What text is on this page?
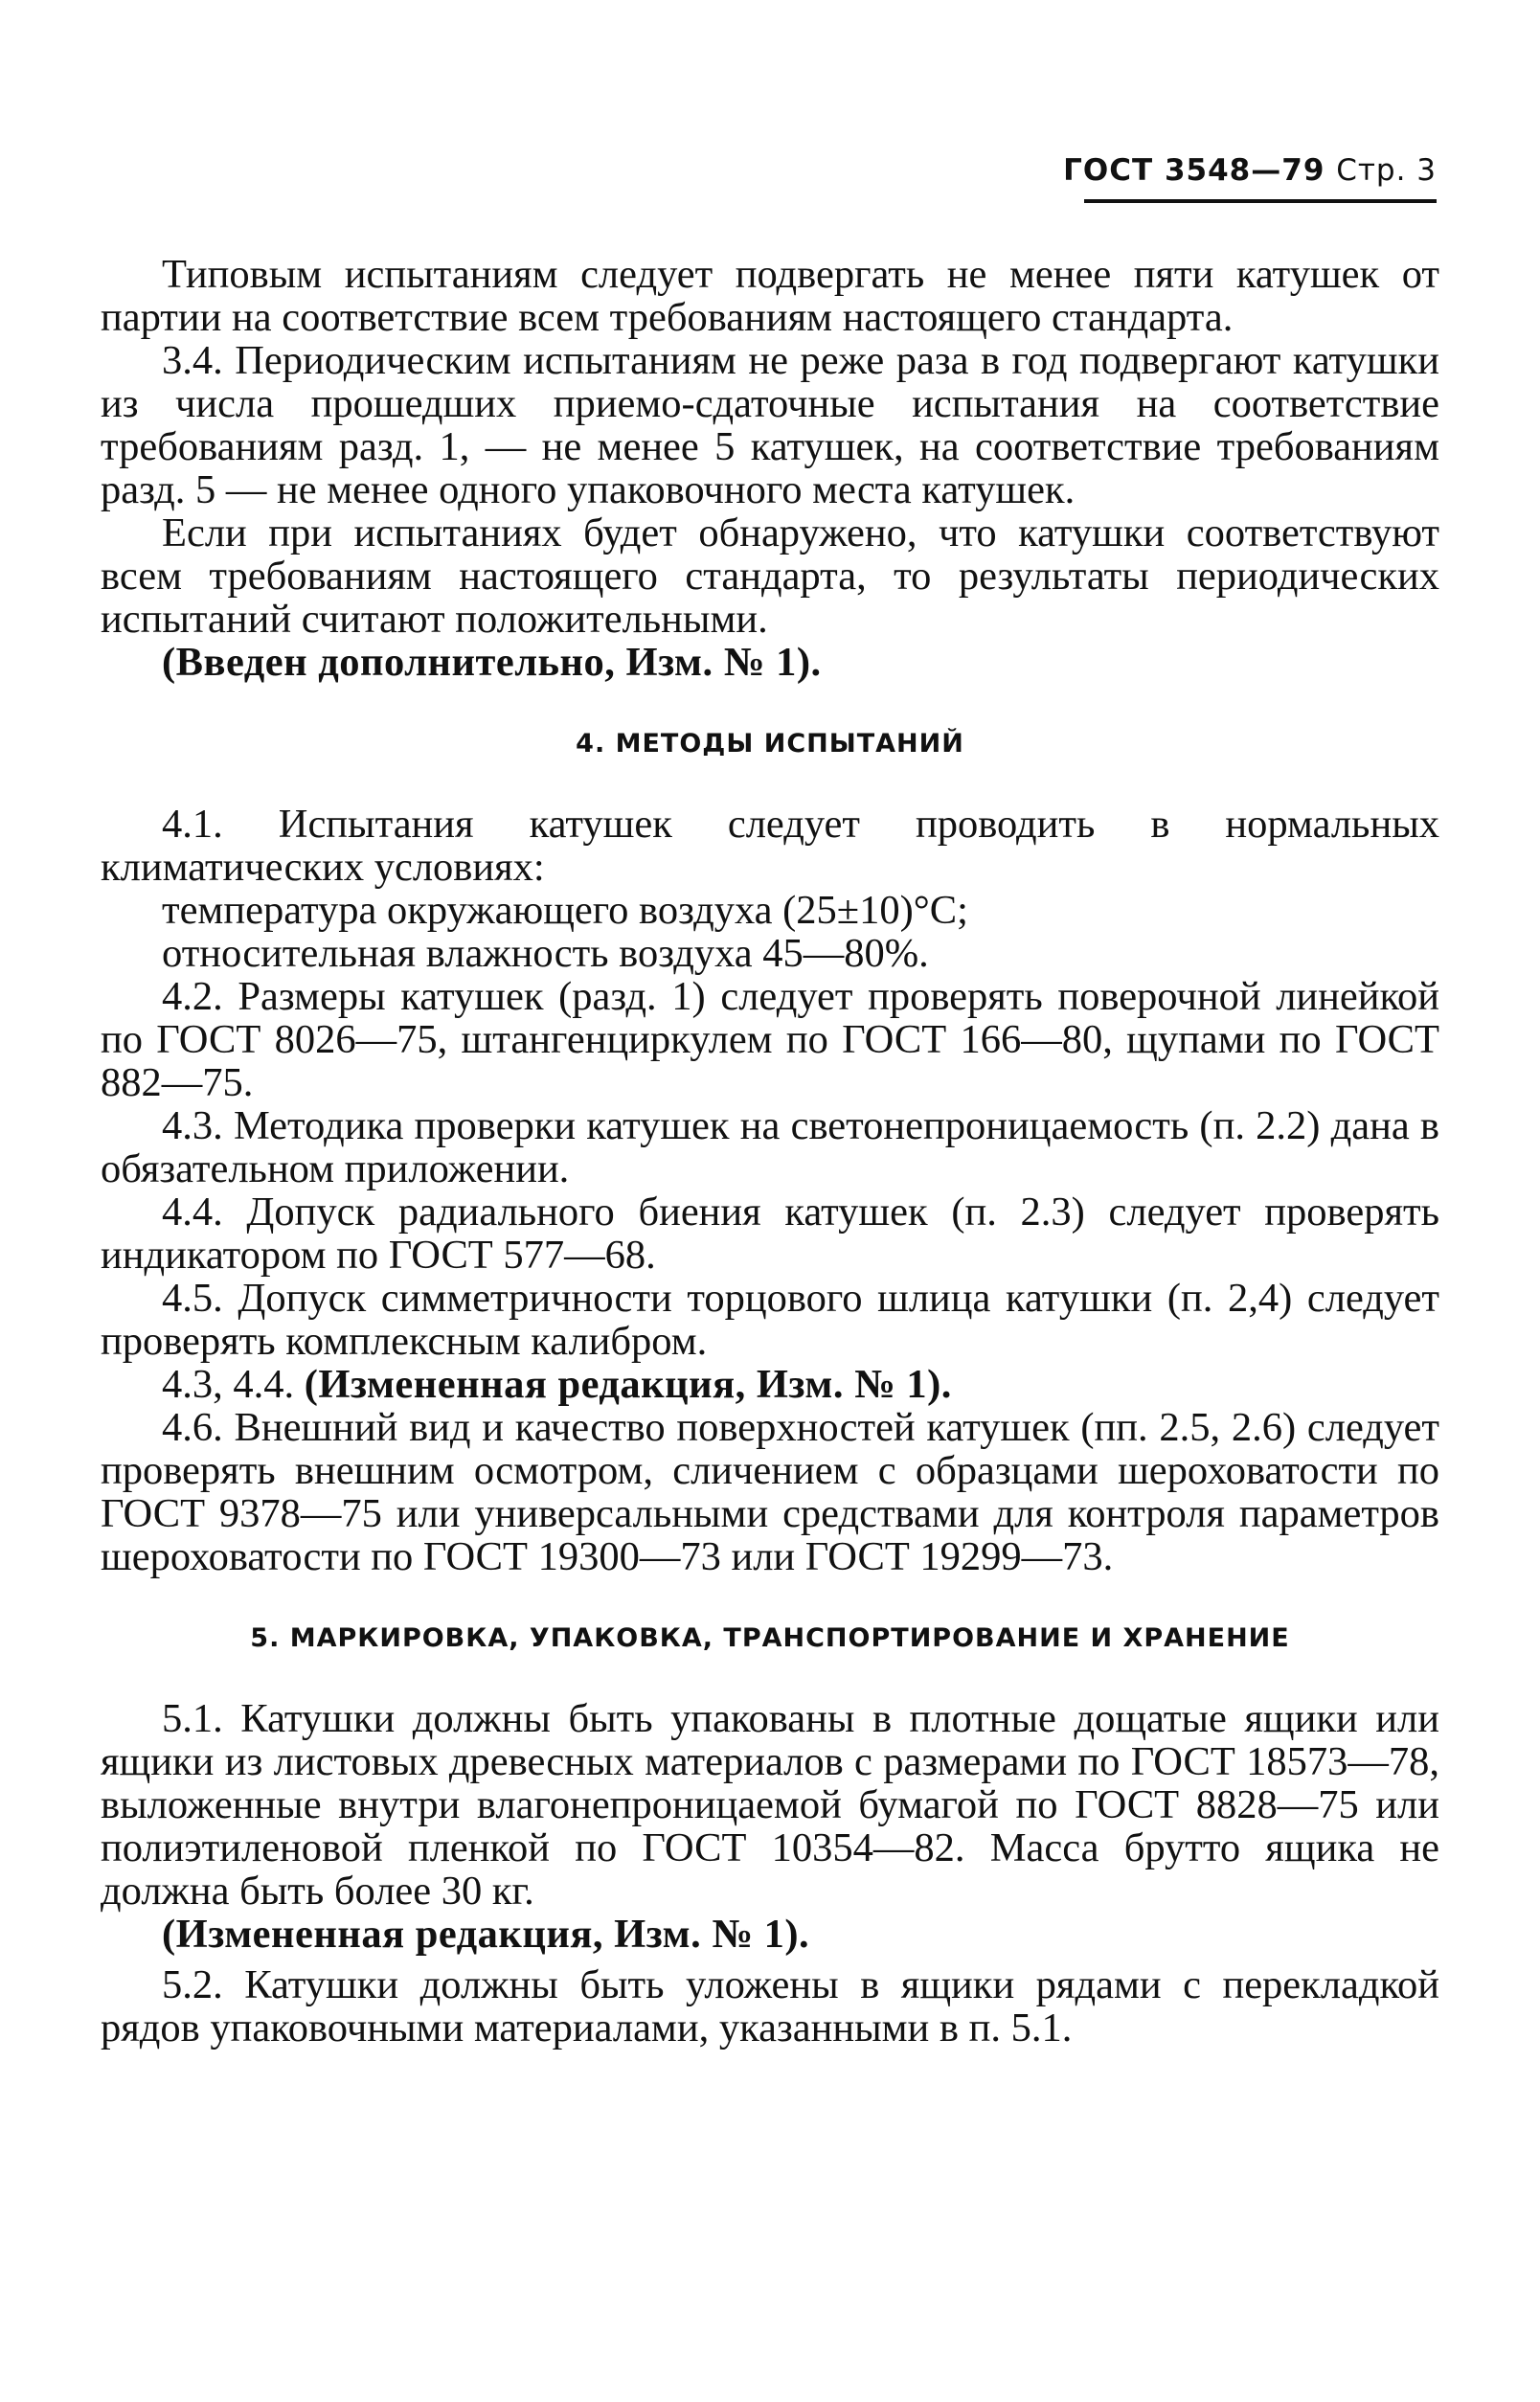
ГОСТ 3548—79 Стр. 3

Типовым испытаниям следует подвергать не менее пяти катушек от партии на соответствие всем требованиям настоящего стандарта.

3.4. Периодическим испытаниям не реже раза в год подвергают катушки из числа прошедших приемо-сдаточные испытания на соответствие требованиям разд. 1, — не менее 5 катушек, на соответствие требованиям разд. 5 — не менее одного упаковочного места катушек.

Если при испытаниях будет обнаружено, что катушки соответствуют всем требованиям настоящего стандарта, то результаты периодических испытаний считают положительными.

(Введен дополнительно, Изм. № 1).

4. МЕТОДЫ ИСПЫТАНИЙ

4.1. Испытания катушек следует проводить в нормальных климатических условиях:

температура окружающего воздуха (25±10)°С;

относительная влажность воздуха 45—80%.

4.2. Размеры катушек (разд. 1) следует проверять поверочной линейкой по ГОСТ 8026—75, штангенциркулем по ГОСТ 166—80, щупами по ГОСТ 882—75.

4.3. Методика проверки катушек на светонепроницаемость (п. 2.2) дана в обязательном приложении.

4.4. Допуск радиального биения катушек (п. 2.3) следует проверять индикатором по ГОСТ 577—68.

4.5. Допуск симметричности торцового шлица катушки (п. 2,4) следует проверять комплексным калибром.

4.3, 4.4. (Измененная редакция, Изм. № 1).

4.6. Внешний вид и качество поверхностей катушек (пп. 2.5, 2.6) следует проверять внешним осмотром, сличением с образцами шероховатости по ГОСТ 9378—75 или универсальными средствами для контроля параметров шероховатости по ГОСТ 19300—73 или ГОСТ 19299—73.

5. МАРКИРОВКА, УПАКОВКА, ТРАНСПОРТИРОВАНИЕ И ХРАНЕНИЕ

5.1. Катушки должны быть упакованы в плотные дощатые ящики или ящики из листовых древесных материалов с размерами по ГОСТ 18573—78, выложенные внутри влагонепроницаемой бумагой по ГОСТ 8828—75 или полиэтиленовой пленкой по ГОСТ 10354—82. Масса брутто ящика не должна быть более 30 кг.

(Измененная редакция, Изм. № 1).

5.2. Катушки должны быть уложены в ящики рядами с перекладкой рядов упаковочными материалами, указанными в п. 5.1.
